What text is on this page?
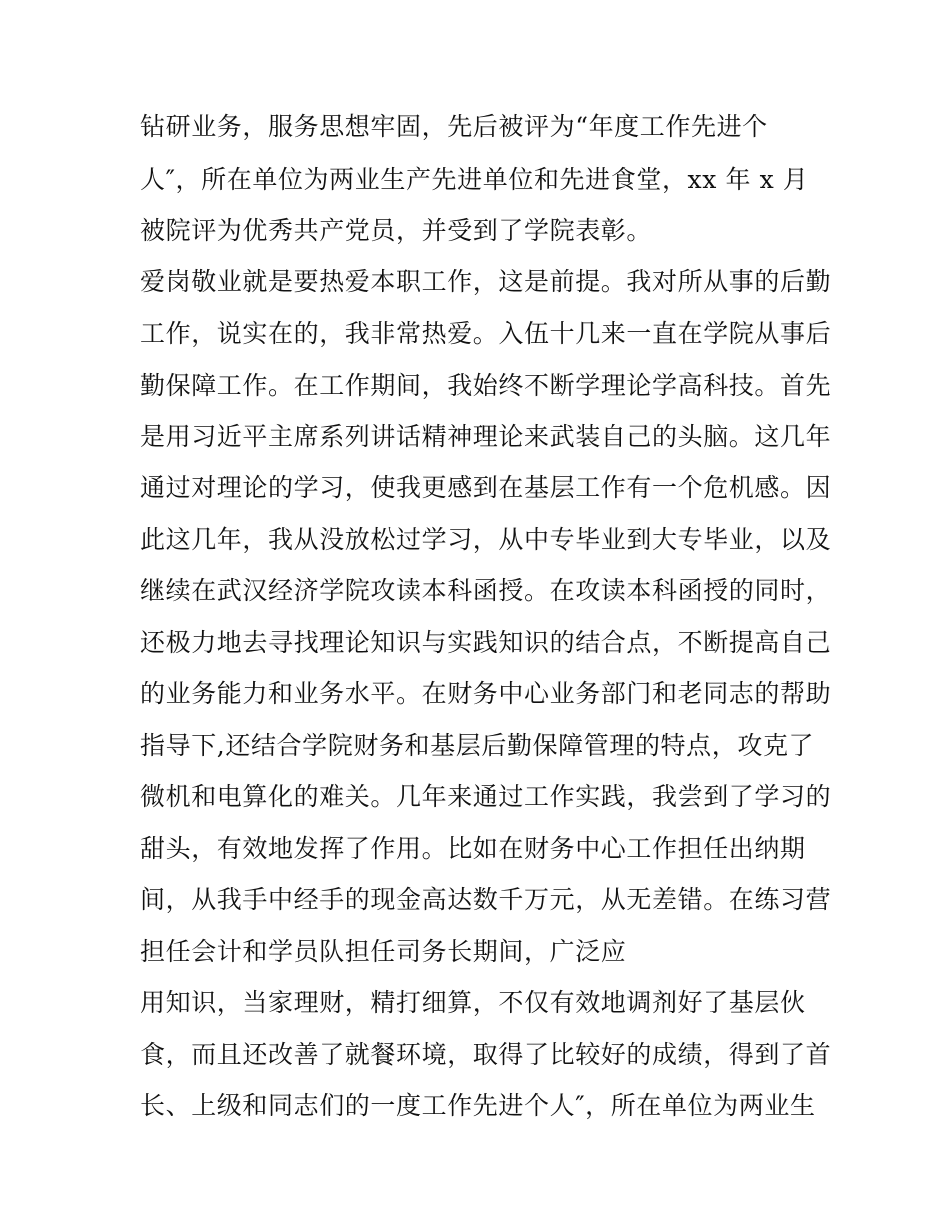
钻研业务，服务思想牢固，先后被评为“年度工作先进个

人″，所在单位为两业生产先进单位和先进食堂，xx 年 x 月

被院评为优秀共产党员，并受到了学院表彰。

爱岗敬业就是要热爱本职工作，这是前提。我对所从事的后勤

工作，说实在的，我非常热爱。入伍十几来一直在学院从事后

勤保障工作。在工作期间，我始终不断学理论学高科技。首先

是用习近平主席系列讲话精神理论来武装自己的头脑。这几年

通过对理论的学习，使我更感到在基层工作有一个危机感。因

此这几年，我从没放松过学习，从中专毕业到大专毕业，以及

继续在武汉经济学院攻读本科函授。在攻读本科函授的同时，

还极力地去寻找理论知识与实践知识的结合点，不断提高自己

的业务能力和业务水平。在财务中心业务部门和老同志的帮助

指导下,还结合学院财务和基层后勤保障管理的特点，攻克了

微机和电算化的难关。几年来通过工作实践，我尝到了学习的

甜头，有效地发挥了作用。比如在财务中心工作担任出纳期

间，从我手中经手的现金高达数千万元，从无差错。在练习营

担任会计和学员队担任司务长期间，广泛应

用知识，当家理财，精打细算，不仅有效地调剂好了基层伙

食，而且还改善了就餐环境，取得了比较好的成绩，得到了首

长、上级和同志们的一度工作先进个人″，所在单位为两业生
